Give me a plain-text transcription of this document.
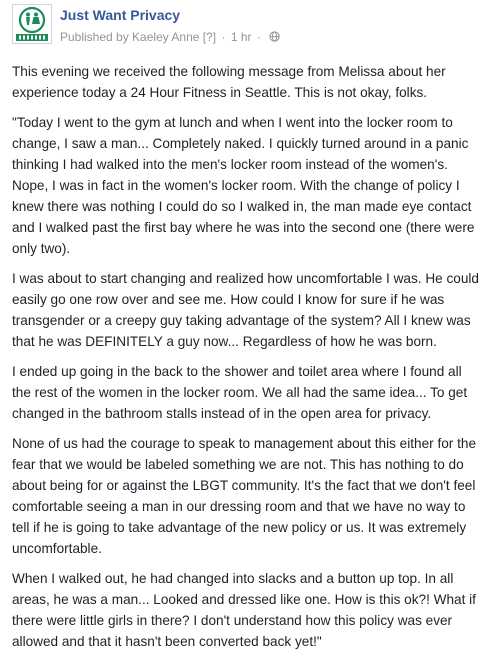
Just Want Privacy
Published by Kaeley Anne [?] · 1 hr ·

This evening we received the following message from Melissa about her experience today a 24 Hour Fitness in Seattle. This is not okay, folks.

"Today I went to the gym at lunch and when I went into the locker room to change, I saw a man... Completely naked. I quickly turned around in a panic thinking I had walked into the men's locker room instead of the women's. Nope, I was in fact in the women's locker room. With the change of policy I knew there was nothing I could do so I walked in, the man made eye contact and I walked past the first bay where he was into the second one (there were only two).

I was about to start changing and realized how uncomfortable I was. He could easily go one row over and see me. How could I know for sure if he was transgender or a creepy guy taking advantage of the system? All I knew was that he was DEFINITELY a guy now... Regardless of how he was born.

I ended up going in the back to the shower and toilet area where I found all the rest of the women in the locker room. We all had the same idea... To get changed in the bathroom stalls instead of in the open area for privacy.

None of us had the courage to speak to management about this either for the fear that we would be labeled something we are not. This has nothing to do about being for or against the LBGT community. It's the fact that we don't feel comfortable seeing a man in our dressing room and that we have no way to tell if he is going to take advantage of the new policy or us. It was extremely uncomfortable.

When I walked out, he had changed into slacks and a button up top. In all areas, he was a man... Looked and dressed like one. How is this ok?! What if there were little girls in there? I don't understand how this policy was ever allowed and that it hasn't been converted back yet!"
